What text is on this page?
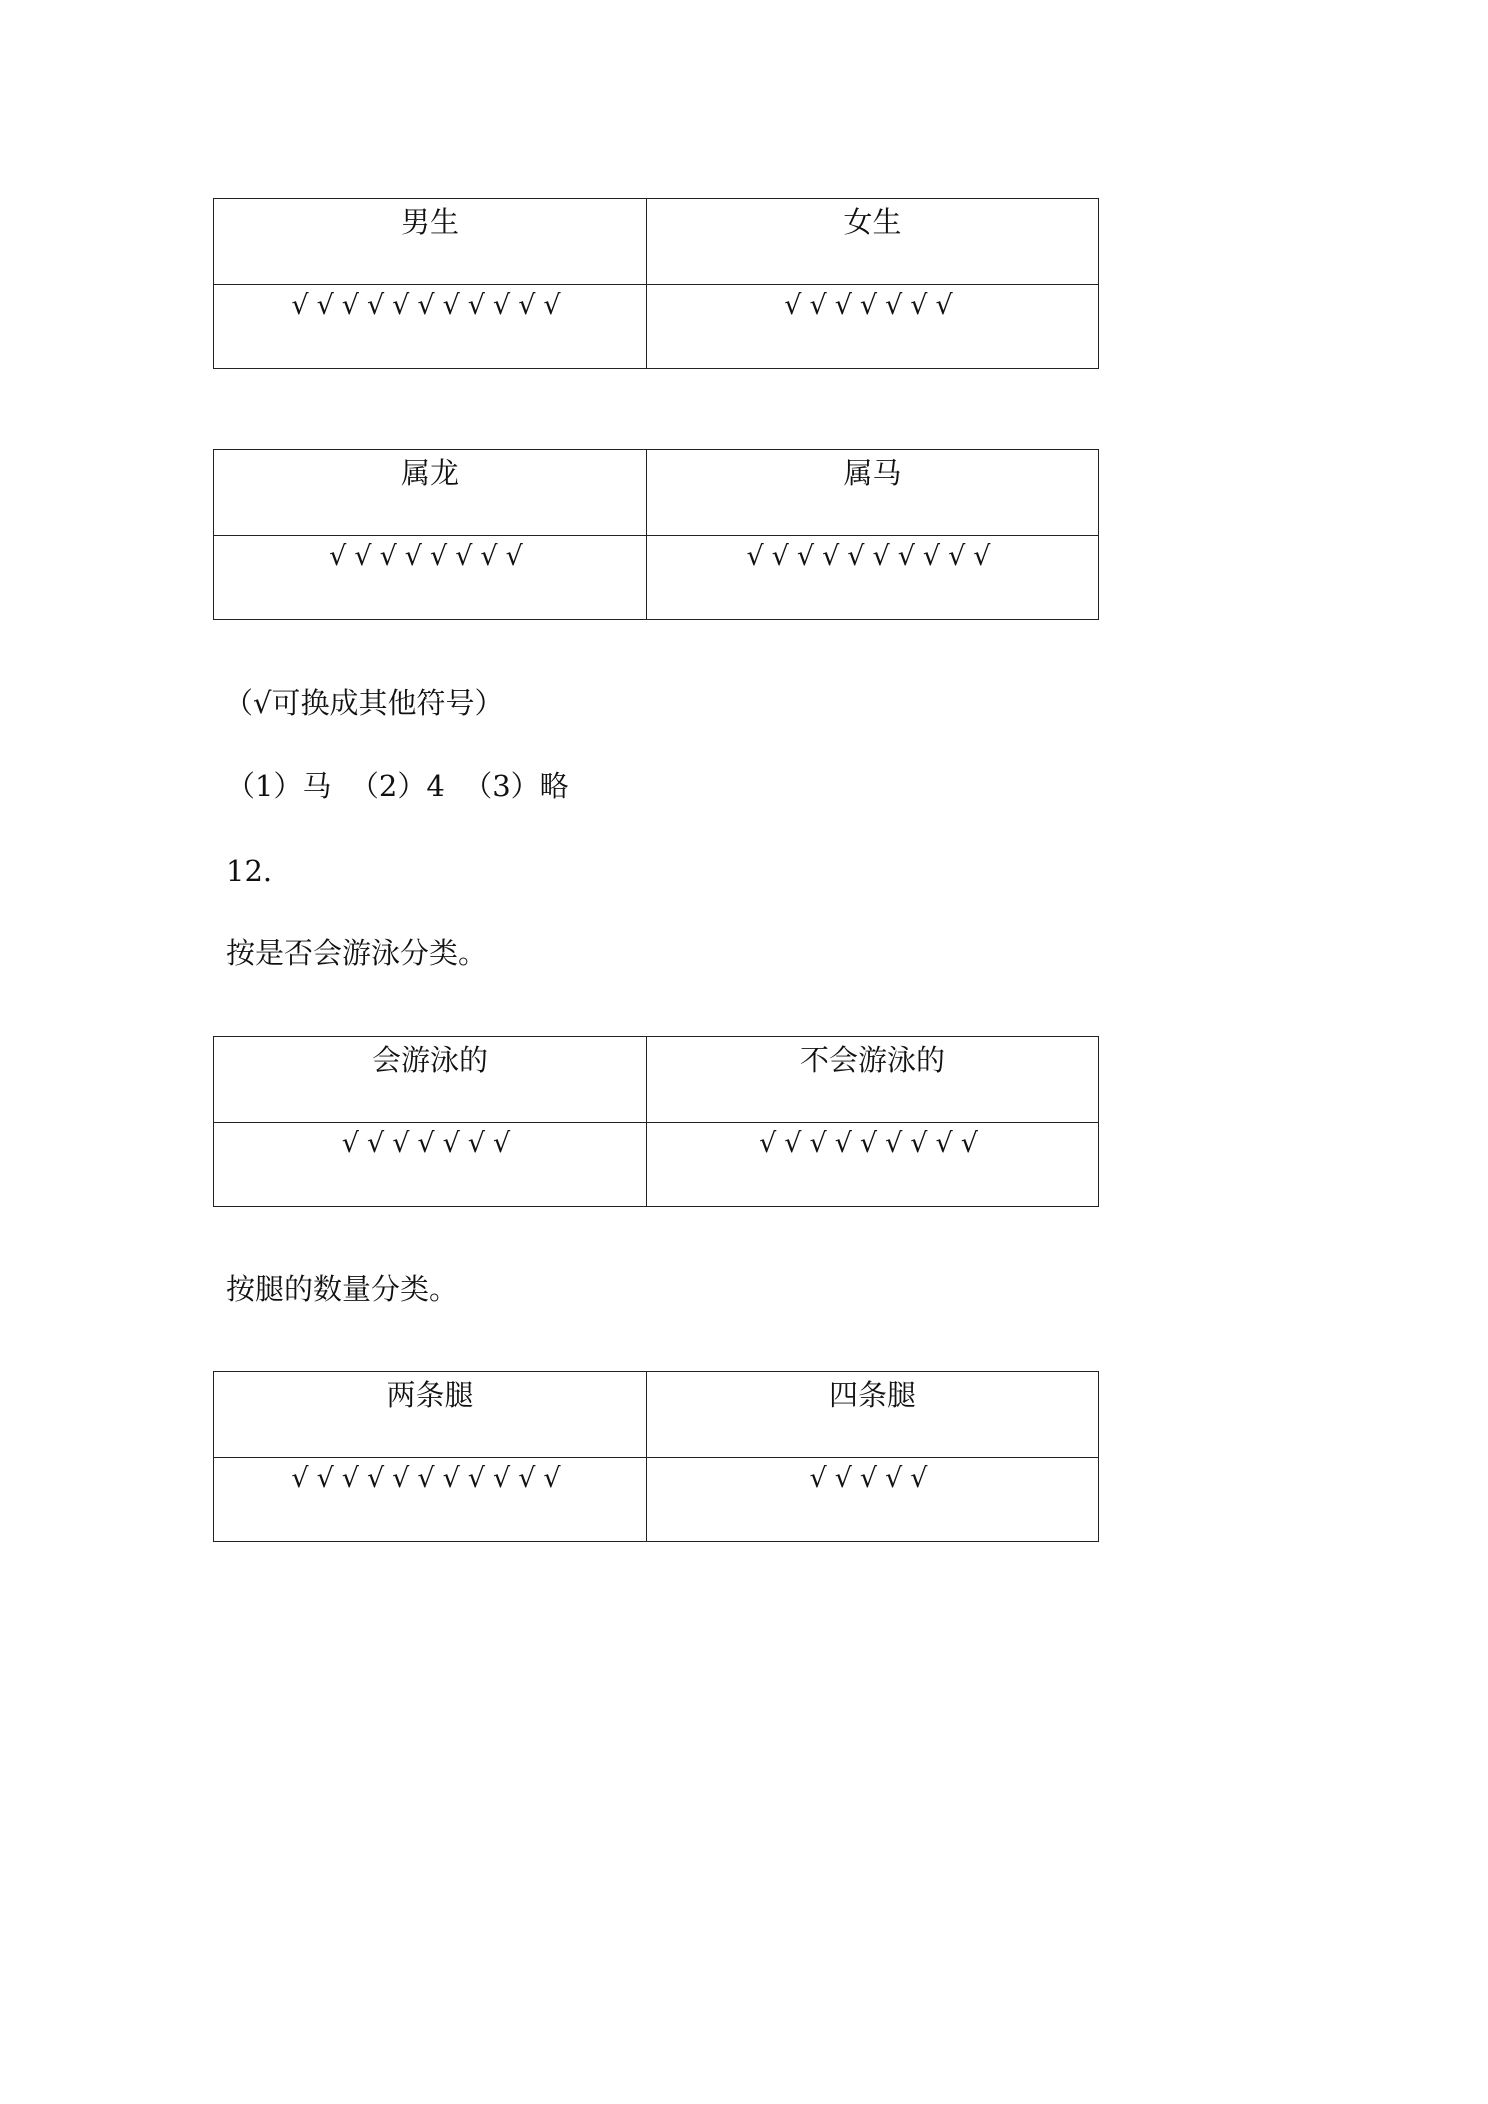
男生	女生
√√√√√√√√√√√	√√√√√√√
属龙	属马
√√√√√√√√	√√√√√√√√√√
（√可换成其他符号）
（1）马  （2）4  （3）略
12.
按是否会游泳分类。
会游泳的	不会游泳的
√√√√√√√	√√√√√√√√√
按腿的数量分类。
两条腿	四条腿
√√√√√√√√√√√	√√√√√
